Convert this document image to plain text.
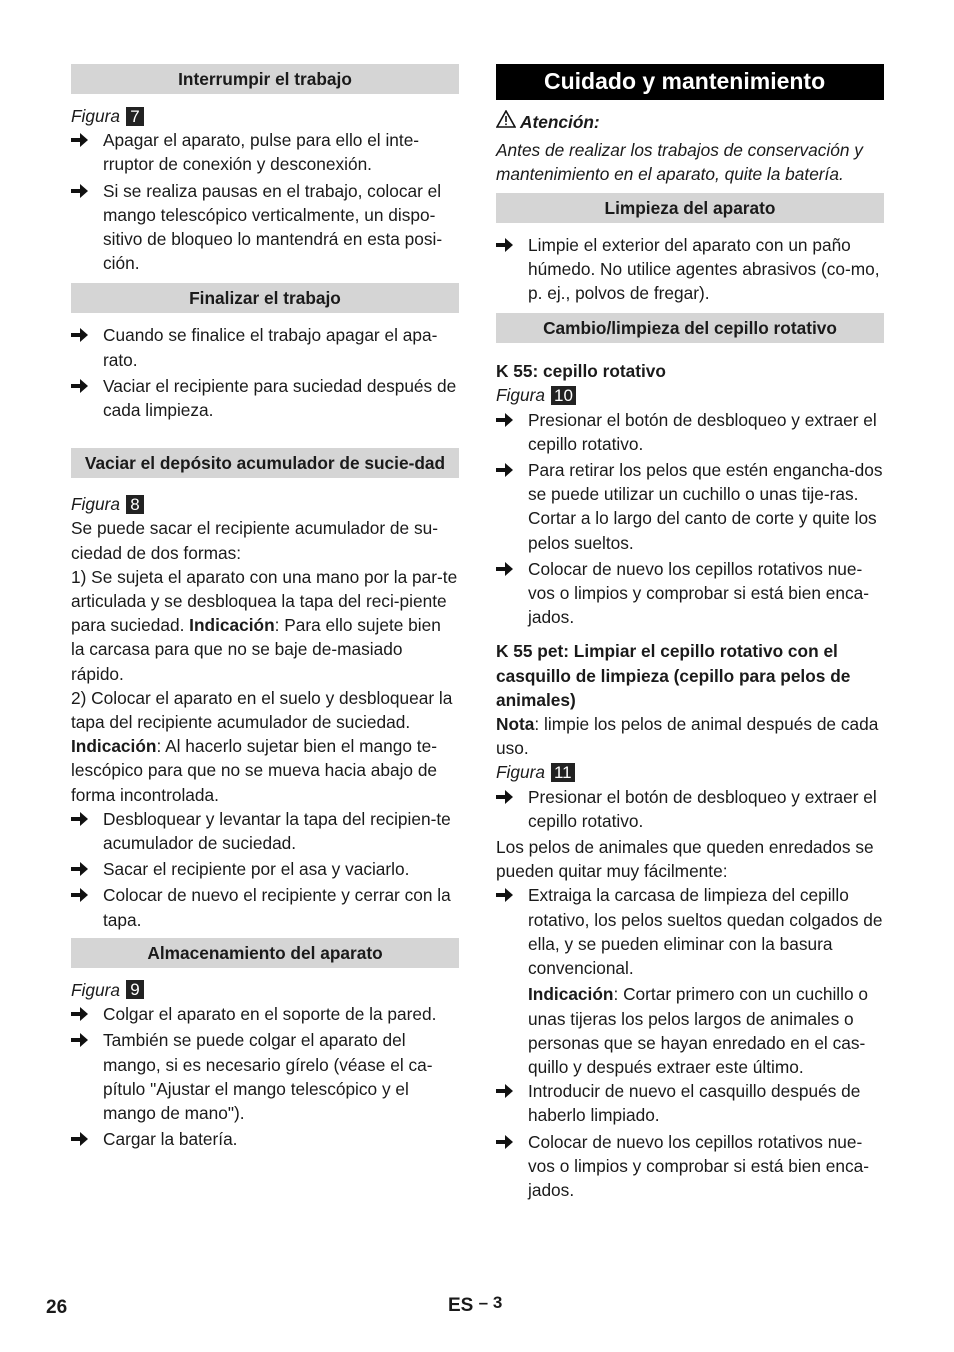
Interrumpir el trabajo
Figura 7
Apagar el aparato, pulse para ello el inte-rruptor de conexión y desconexión.
Si se realiza pausas en el trabajo, colocar el mango telescópico verticalmente, un dispo-sitivo de bloqueo lo mantendrá en esta posi-ción.
Finalizar el trabajo
Cuando se finalice el trabajo apagar el apa-rato.
Vaciar el recipiente para suciedad después de cada limpieza.
Vaciar el depósito acumulador de sucie-dad
Figura 8
Se puede sacar el recipiente acumulador de su-ciedad de dos formas:
1) Se sujeta el aparato con una mano por la par-te articulada y se desbloquea la tapa del reci-piente para suciedad. Indicación: Para ello sujete bien la carcasa para que no se baje de-masiado rápido.
2) Colocar el aparato en el suelo y desbloquear la tapa del recipiente acumulador de suciedad.
Indicación: Al hacerlo sujetar bien el mango te-lescópico para que no se mueva hacia abajo de forma incontrolada.
Desbloquear y levantar la tapa del recipien-te acumulador de suciedad.
Sacar el recipiente por el asa y vaciarlo.
Colocar de nuevo el recipiente y cerrar con la tapa.
Almacenamiento del aparato
Figura 9
Colgar el aparato en el soporte de la pared.
También se puede colgar el aparato del mango, si es necesario gírelo (véase el ca-pítulo "Ajustar el mango telescópico y el mango de mano").
Cargar la batería.
Cuidado y mantenimiento
Atención:
Antes de realizar los trabajos de conservación y mantenimiento en el aparato, quite la batería.
Limpieza del aparato
Limpie el exterior del aparato con un paño húmedo. No utilice agentes abrasivos (co-mo, p. ej., polvos de fregar).
Cambio/limpieza del cepillo rotativo
K 55: cepillo rotativo
Figura 10
Presionar el botón de desbloqueo y extraer el cepillo rotativo.
Para retirar los pelos que estén engancha-dos se puede utilizar un cuchillo o unas tije-ras. Cortar a lo largo del canto de corte y quite los pelos sueltos.
Colocar de nuevo los cepillos rotativos nue-vos o limpios y comprobar si está bien enca-jados.
K 55 pet: Limpiar el cepillo rotativo con el casquillo de limpieza (cepillo para pelos de animales)
Nota: limpie los pelos de animal después de cada uso.
Figura 11
Presionar el botón de desbloqueo y extraer el cepillo rotativo.
Los pelos de animales que queden enredados se pueden quitar muy fácilmente:
Extraiga la carcasa de limpieza del cepillo rotativo, los pelos sueltos quedan colgados de ella, y se pueden eliminar con la basura convencional.
Indicación: Cortar primero con un cuchillo o unas tijeras los pelos largos de animales o personas que se hayan enredado en el cas-quillo y después extraer este último.
Introducir de nuevo el casquillo después de haberlo limpiado.
Colocar de nuevo los cepillos rotativos nue-vos o limpios y comprobar si está bien enca-jados.
26	ES – 3
